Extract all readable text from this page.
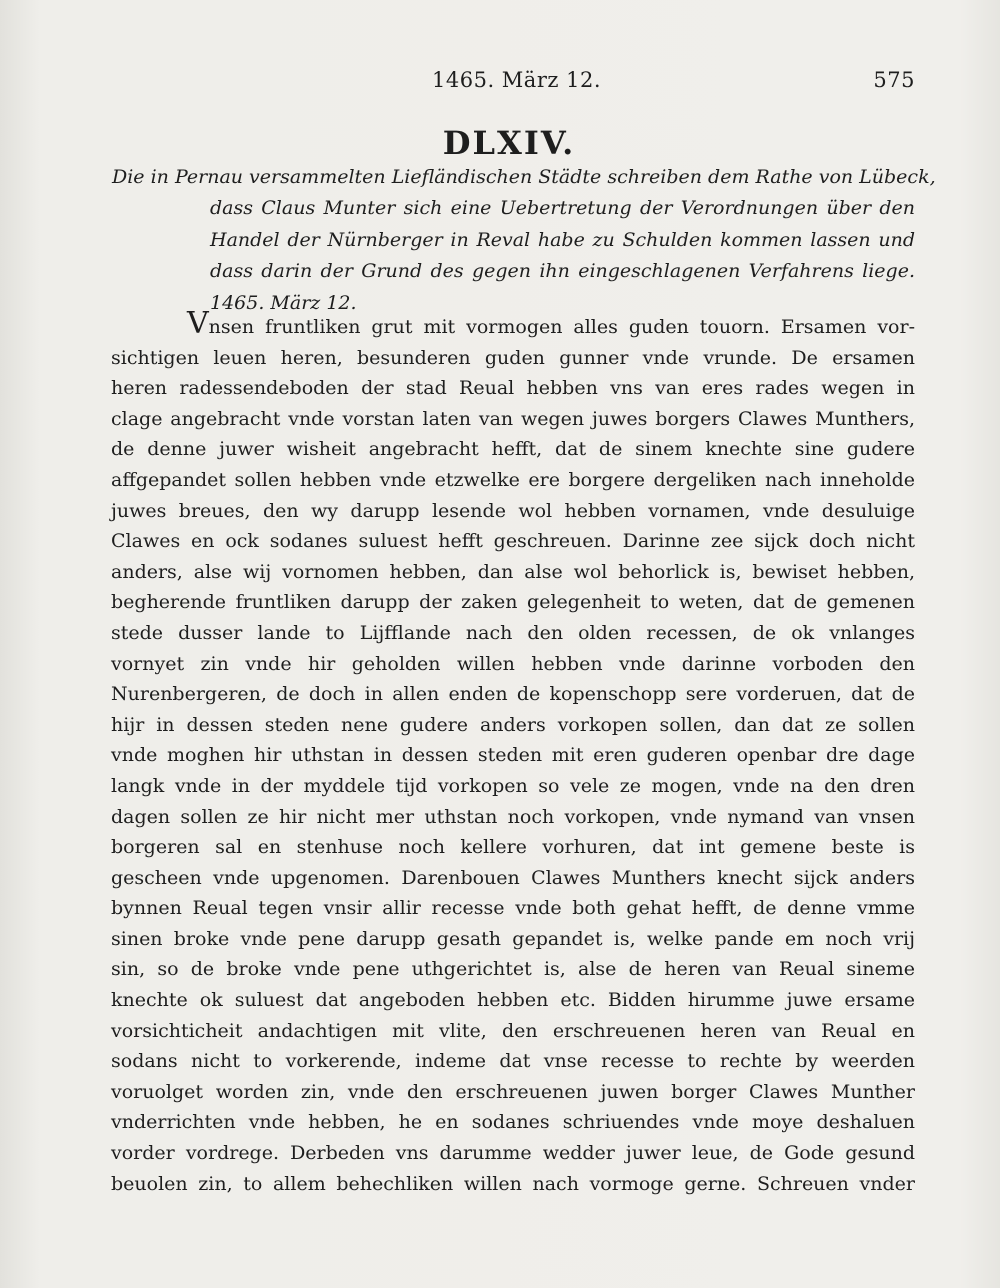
1465. März 12.	575
DLXIV.
Die in Pernau versammelten Liefländischen Städte schreiben dem Rathe von Lübeck,
dass Claus Munter sich eine Uebertretung der Verordnungen über den
Handel der Nürnberger in Reval habe zu Schulden kommen lassen und
dass darin der Grund des gegen ihn eingeschlagenen Verfahrens liege.
1465. März 12.
Vnsen fruntliken grut mit vormogen alles guden touorn. Ersamen vor-
sichtigen leuen heren, besunderen guden gunner vnde vrunde. De ersamen
heren radessendeboden der stad Reual hebben vns van eres rades wegen in
clage angebracht vnde vorstan laten van wegen juwes borgers Clawes Munthers,
de denne juwer wisheit angebracht hefft, dat de sinem knechte sine gudere
affgepandet sollen hebben vnde etzwelke ere borgere dergeliken nach inneholde
juwes breues, den wy darupp lesende wol hebben vornamen, vnde desuluige
Clawes en ock sodanes suluest hefft geschreuen. Darinne zee sijck doch nicht
anders, alse wij vornomen hebben, dan alse wol behorlick is, bewiset hebben,
begherende fruntliken darupp der zaken gelegenheit to weten, dat de gemenen
stede dusser lande to Lijfflande nach den olden recessen, de ok vnlanges
vornyet zin vnde hir geholden willen hebben vnde darinne vorboden den
Nurenbergeren, de doch in allen enden de kopenschopp sere vorderuen, dat de
hijr in dessen steden nene gudere anders vorkopen sollen, dan dat ze sollen
vnde moghen hir uthstan in dessen steden mit eren guderen openbar dre dage
langk vnde in der myddele tijd vorkopen so vele ze mogen, vnde na den dren
dagen sollen ze hir nicht mer uthstan noch vorkopen, vnde nymand van vnsen
borgeren sal en stenhuse noch kellere vorhuren, dat int gemene beste is
gescheen vnde upgenomen. Darenbouen Clawes Munthers knecht sijck anders
bynnen Reual tegen vnsir allir recesse vnde both gehat hefft, de denne vmme
sinen broke vnde pene darupp gesath gepandet is, welke pande em noch vrij
sin, so de broke vnde pene uthgerichtet is, alse de heren van Reual sineme
knechte ok suluest dat angeboden hebben etc. Bidden hirumme juwe ersame
vorsichticheit andachtigen mit vlite, den erschreuenen heren van Reual en
sodans nicht to vorkerende, indeme dat vnse recesse to rechte by weerden
voruolget worden zin, vnde den erschreuenen juwen borger Clawes Munther
vnderrichten vnde hebben, he en sodanes schriuendes vnde moye deshaluen
vorder vordrege. Derbeden vns darumme wedder juwer leue, de Gode gesund
beuolen zin, to allem behechliken willen nach vormoge gerne. Schreuen vnder
